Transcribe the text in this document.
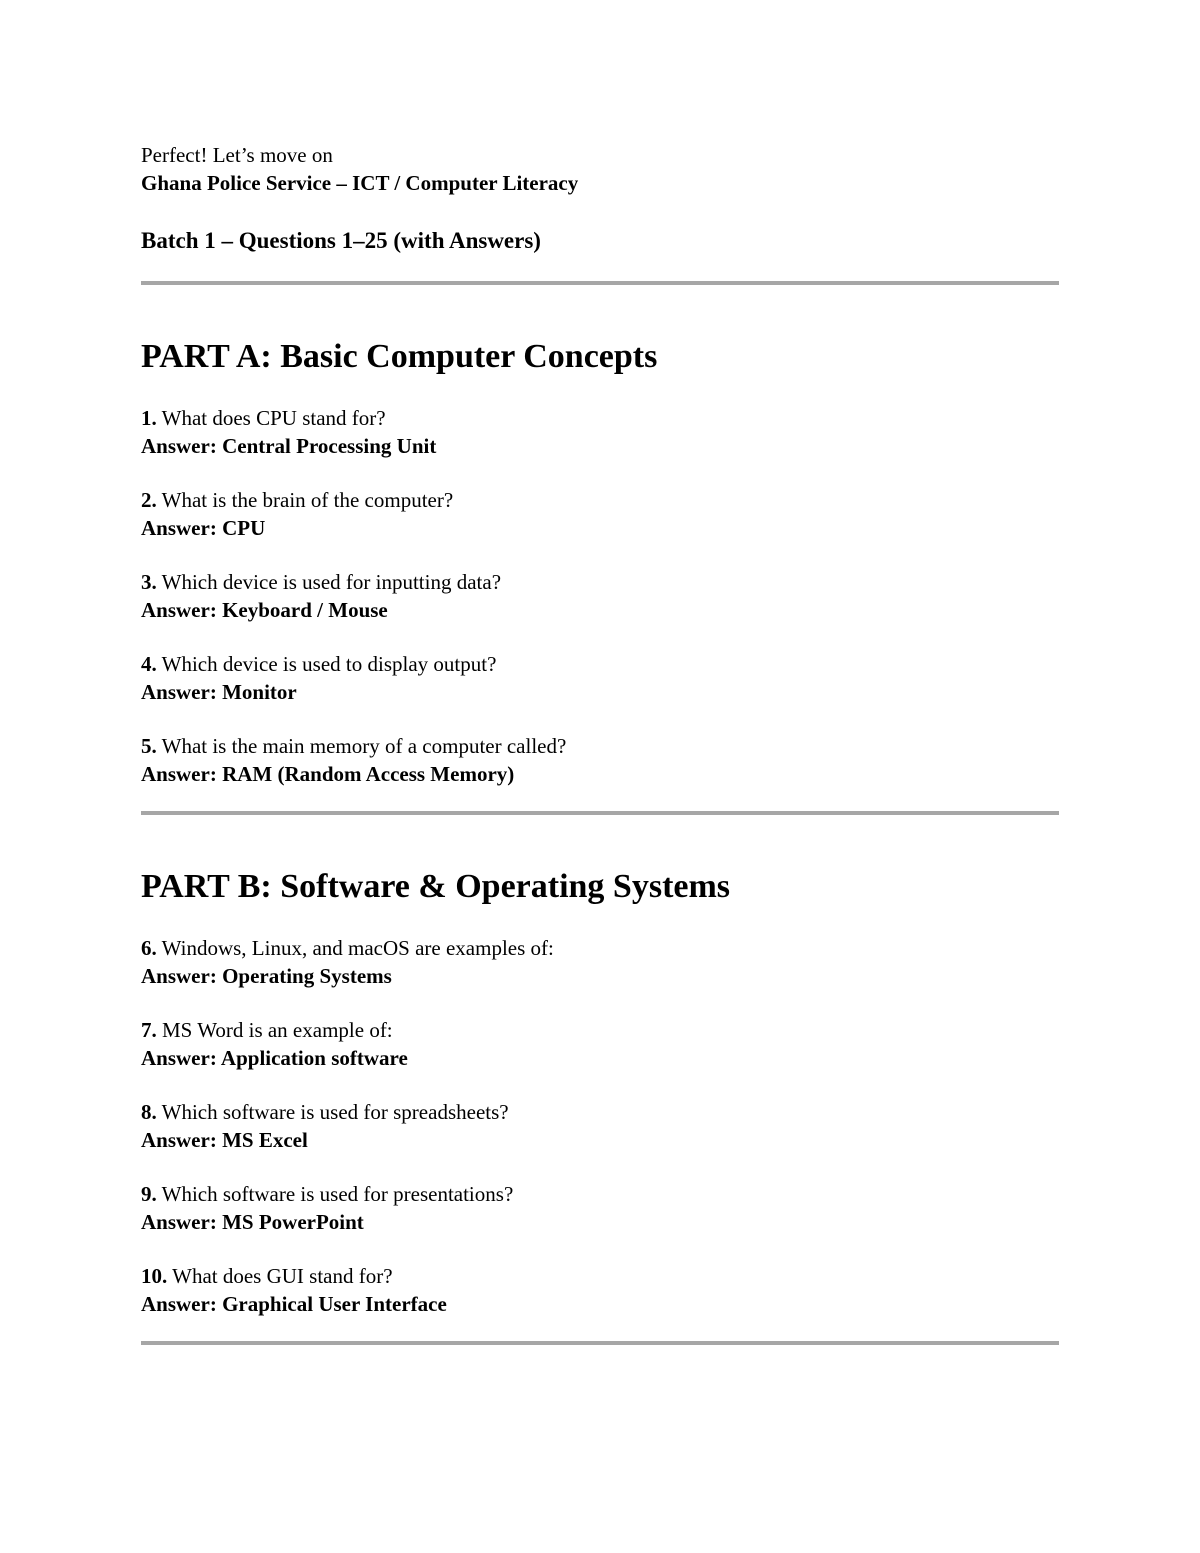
Perfect! Let’s move on
Ghana Police Service – ICT / Computer Literacy
Batch 1 – Questions 1–25 (with Answers)
PART A: Basic Computer Concepts
1. What does CPU stand for?
Answer: Central Processing Unit
2. What is the brain of the computer?
Answer: CPU
3. Which device is used for inputting data?
Answer: Keyboard / Mouse
4. Which device is used to display output?
Answer: Monitor
5. What is the main memory of a computer called?
Answer: RAM (Random Access Memory)
PART B: Software & Operating Systems
6. Windows, Linux, and macOS are examples of:
Answer: Operating Systems
7. MS Word is an example of:
Answer: Application software
8. Which software is used for spreadsheets?
Answer: MS Excel
9. Which software is used for presentations?
Answer: MS PowerPoint
10. What does GUI stand for?
Answer: Graphical User Interface
